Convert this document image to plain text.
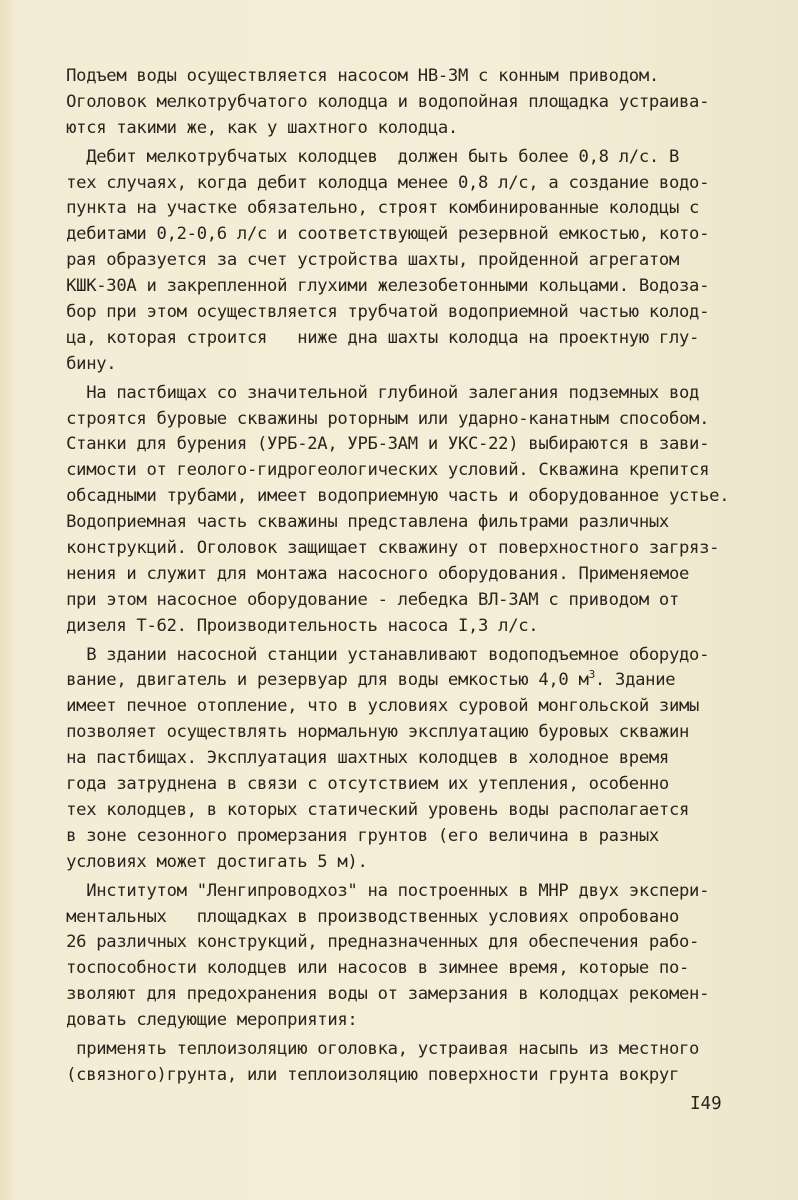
Подъем воды осуществляется насосом НВ-3М с конным приводом.
Оголовок мелкотрубчатого колодца и водопойная площадка устраива-
ются такими же, как у шахтного колодца.
Дебит мелкотрубчатых колодцев  должен быть более 0,8 л/с. В
тех случаях, когда дебит колодца менее 0,8 л/с, а создание водо-
пункта на участке обязательно, строят комбинированные колодцы с
дебитами 0,2-0,6 л/с и соответствующей резервной емкостью, кото-
рая образуется за счет устройства шахты, пройденной агрегатом
КШК-30А и закрепленной глухими железобетонными кольцами. Водоза-
бор при этом осуществляется трубчатой водоприемной частью колод-
ца, которая строится   ниже дна шахты колодца на проектную глу-
бину.
На пастбищах со значительной глубиной залегания подземных вод
строятся буровые скважины роторным или ударно-канатным способом.
Станки для бурения (УРБ-2А, УРБ-3АМ и УКС-22) выбираются в зави-
симости от геолого-гидрогеологических условий. Скважина крепится
обсадными трубами, имеет водоприемную часть и оборудованное устье.
Водоприемная часть скважины представлена фильтрами различных
конструкций. Оголовок защищает скважину от поверхностного загряз-
нения и служит для монтажа насосного оборудования. Применяемое
при этом насосное оборудование - лебедка ВЛ-3АМ с приводом от
дизеля Т-62. Производительность насоса I,3 л/с.
В здании насосной станции устанавливают водоподъемное оборудо-
вание, двигатель и резервуар для воды емкостью 4,0 $м^3$. Здание
имеет печное отопление, что в условиях суровой монгольской зимы
позволяет осуществлять нормальную эксплуатацию буровых скважин
на пастбищах. Эксплуатация шахтных колодцев в холодное время
года затруднена в связи с отсутствием их утепления, особенно
тех колодцев, в которых статический уровень воды располагается
в зоне сезонного промерзания грунтов (его величина в разных
условиях может достигать 5 м).
Институтом "Ленгипроводхоз" на построенных в МНР двух экспери-
ментальных   площадках в производственных условиях опробовано
26 различных конструкций, предназначенных для обеспечения рабо-
тоспособности колодцев или насосов в зимнее время, которые по-
зволяют для предохранения воды от замерзания в колодцах рекомен-
довать следующие мероприятия:
применять теплоизоляцию оголовка, устраивая насыпь из местного
(связного)грунта, или теплоизоляцию поверхности грунта вокруг
I49
